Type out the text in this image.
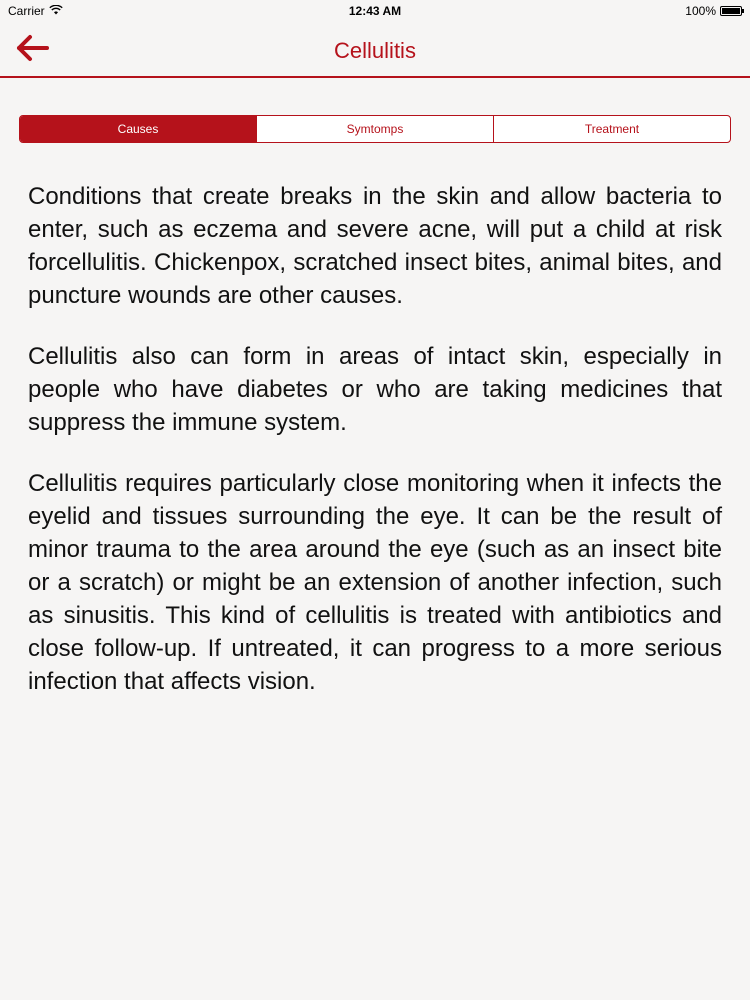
Carrier	12:43 AM	100%
Cellulitis
Causes	Symtomps	Treatment

Conditions that create breaks in the skin and allow bacteria to enter, such as eczema and severe acne, will put a child at risk forcellulitis. Chickenpox, scratched insect bites, animal bites, and puncture wounds are other causes.

Cellulitis also can form in areas of intact skin, especially in people who have diabetes or who are taking medicines that suppress the immune system.

Cellulitis requires particularly close monitoring when it infects the eyelid and tissues surrounding the eye. It can be the result of minor trauma to the area around the eye (such as an insect bite or a scratch) or might be an extension of another infection, such as sinusitis. This kind of cellulitis is treated with antibiotics and close follow-up. If untreated, it can progress to a more serious infection that affects vision.
